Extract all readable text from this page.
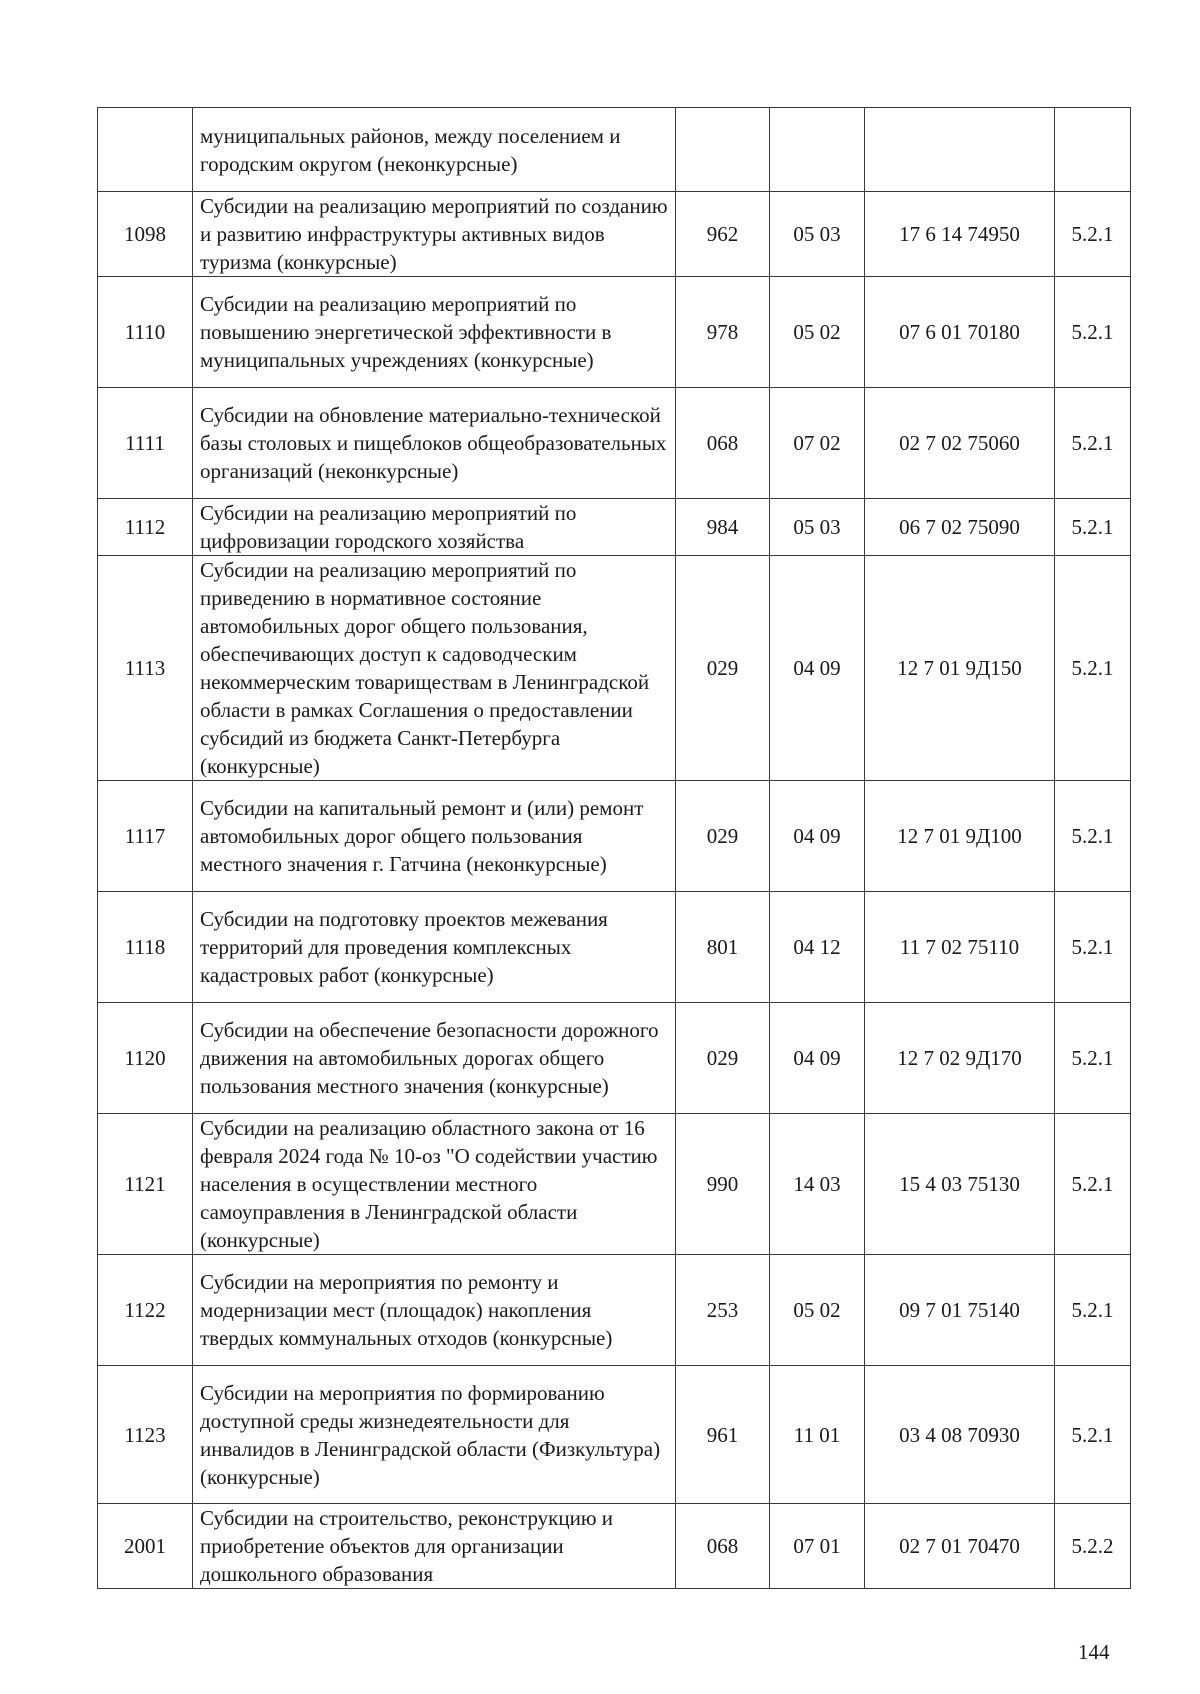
	муниципальных районов, между поселением и городским округом (неконкурсные)				
1098	Субсидии на реализацию мероприятий по созданию и развитию инфраструктуры активных видов туризма (конкурсные)	962	05 03	17 6 14 74950	5.2.1
1110	Субсидии на реализацию мероприятий по повышению энергетической эффективности в муниципальных учреждениях (конкурсные)	978	05 02	07 6 01 70180	5.2.1
1111	Субсидии на обновление материально-технической базы столовых и пищеблоков общеобразовательных организаций (неконкурсные)	068	07 02	02 7 02 75060	5.2.1
1112	Субсидии на реализацию мероприятий по цифровизации городского хозяйства	984	05 03	06 7 02 75090	5.2.1
1113	Субсидии на реализацию мероприятий по приведению в нормативное состояние автомобильных дорог общего пользования, обеспечивающих доступ к садоводческим некоммерческим товариществам в Ленинградской области в рамках Соглашения о предоставлении субсидий из бюджета Санкт-Петербурга (конкурсные)	029	04 09	12 7 01 9Д150	5.2.1
1117	Субсидии на капитальный ремонт и (или) ремонт автомобильных дорог общего пользования местного значения г. Гатчина (неконкурсные)	029	04 09	12 7 01 9Д100	5.2.1
1118	Субсидии на подготовку проектов межевания территорий для проведения комплексных кадастровых работ (конкурсные)	801	04 12	11 7 02 75110	5.2.1
1120	Субсидии на обеспечение безопасности дорожного движения на автомобильных дорогах общего пользования местного значения (конкурсные)	029	04 09	12 7 02 9Д170	5.2.1
1121	Субсидии на реализацию областного закона от 16 февраля 2024 года № 10-оз "О содействии участию населения в осуществлении местного самоуправления в Ленинградской области (конкурсные)	990	14 03	15 4 03 75130	5.2.1
1122	Субсидии на мероприятия по ремонту и модернизации мест (площадок) накопления твердых коммунальных отходов (конкурсные)	253	05 02	09 7 01 75140	5.2.1
1123	Субсидии на мероприятия по формированию доступной среды жизнедеятельности для инвалидов в Ленинградской области (Физкультура) (конкурсные)	961	11 01	03 4 08 70930	5.2.1
2001	Субсидии на строительство, реконструкцию и приобретение объектов для организации дошкольного образования	068	07 01	02 7 01 70470	5.2.2
144
